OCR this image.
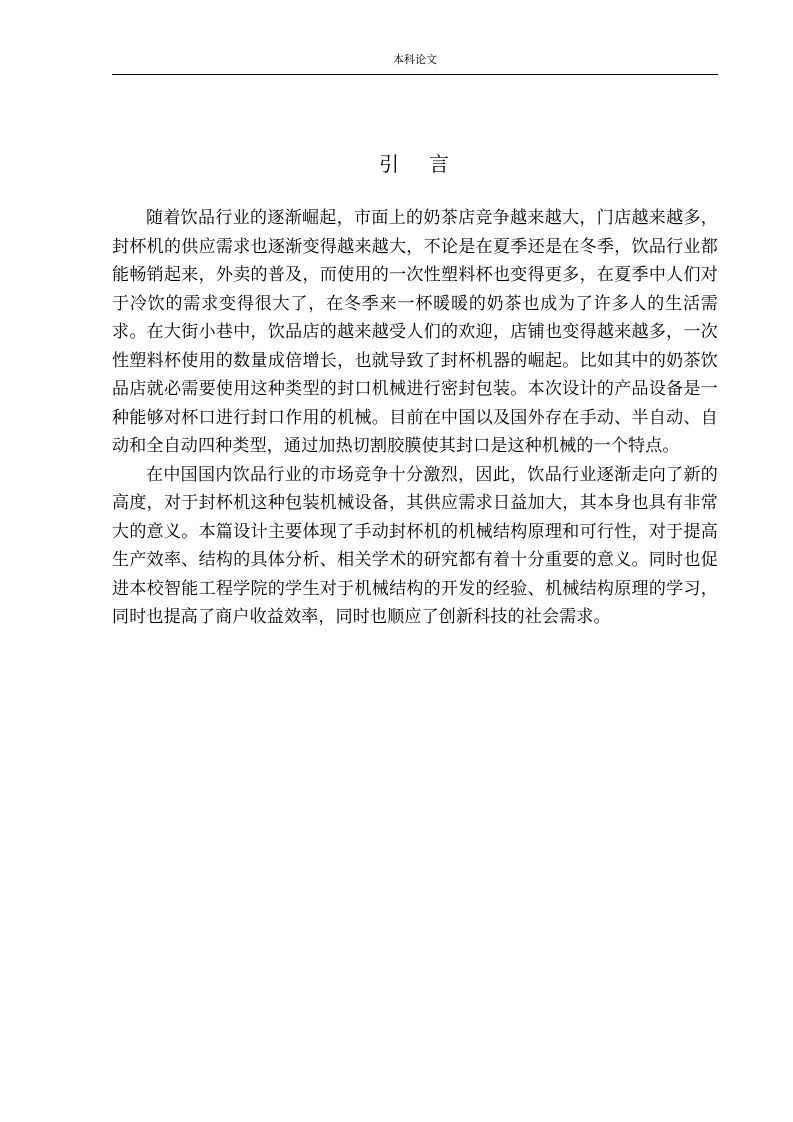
本科论文
引 言

随着饮品行业的逐渐崛起，市面上的奶茶店竞争越来越大，门店越来越多，封杯机的供应需求也逐渐变得越来越大，不论是在夏季还是在冬季，饮品行业都能畅销起来，外卖的普及，而使用的一次性塑料杯也变得更多，在夏季中人们对于冷饮的需求变得很大了，在冬季来一杯暖暖的奶茶也成为了许多人的生活需求。在大街小巷中，饮品店的越来越受人们的欢迎，店铺也变得越来越多，一次性塑料杯使用的数量成倍增长，也就导致了封杯机器的崛起。比如其中的奶茶饮品店就必需要使用这种类型的封口机械进行密封包装。本次设计的产品设备是一种能够对杯口进行封口作用的机械。目前在中国以及国外存在手动、半自动、自动和全自动四种类型，通过加热切割胶膜使其封口是这种机械的一个特点。

在中国国内饮品行业的市场竞争十分激烈，因此，饮品行业逐渐走向了新的高度，对于封杯机这种包装机械设备，其供应需求日益加大，其本身也具有非常大的意义。本篇设计主要体现了手动封杯机的机械结构原理和可行性，对于提高生产效率、结构的具体分析、相关学术的研究都有着十分重要的意义。同时也促进本校智能工程学院的学生对于机械结构的开发的经验、机械结构原理的学习，同时也提高了商户收益效率，同时也顺应了创新科技的社会需求。
